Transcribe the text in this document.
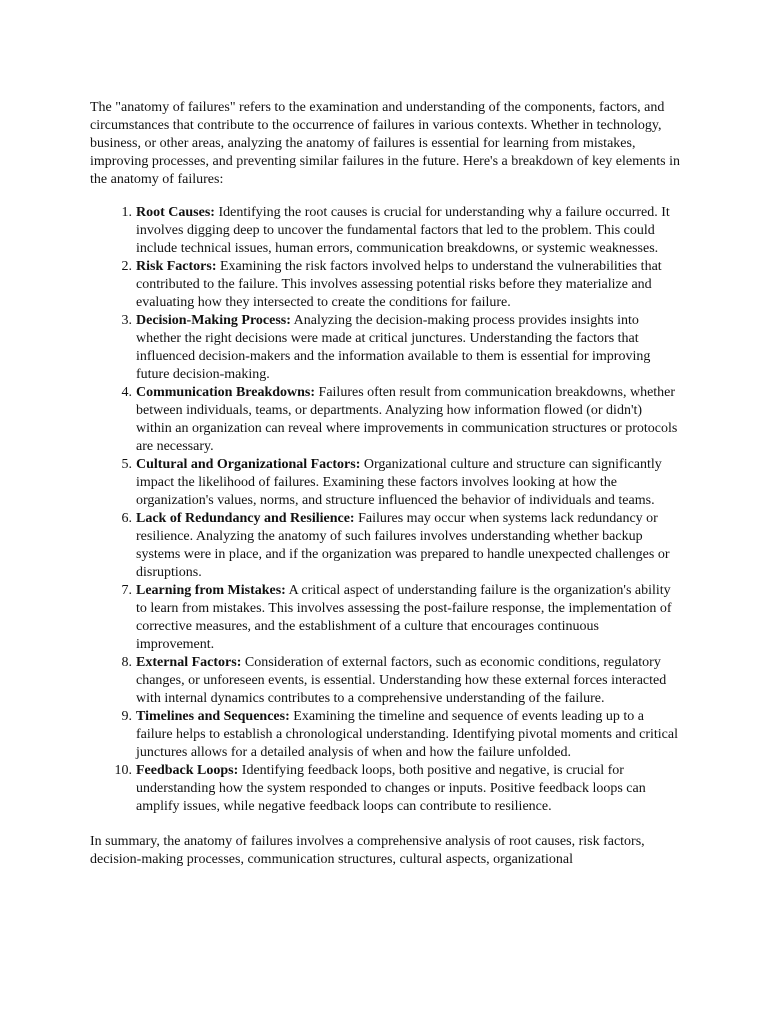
The "anatomy of failures" refers to the examination and understanding of the components, factors, and circumstances that contribute to the occurrence of failures in various contexts. Whether in technology, business, or other areas, analyzing the anatomy of failures is essential for learning from mistakes, improving processes, and preventing similar failures in the future. Here's a breakdown of key elements in the anatomy of failures:

1. Root Causes: Identifying the root causes is crucial for understanding why a failure occurred. It involves digging deep to uncover the fundamental factors that led to the problem. This could include technical issues, human errors, communication breakdowns, or systemic weaknesses.
2. Risk Factors: Examining the risk factors involved helps to understand the vulnerabilities that contributed to the failure. This involves assessing potential risks before they materialize and evaluating how they intersected to create the conditions for failure.
3. Decision-Making Process: Analyzing the decision-making process provides insights into whether the right decisions were made at critical junctures. Understanding the factors that influenced decision-makers and the information available to them is essential for improving future decision-making.
4. Communication Breakdowns: Failures often result from communication breakdowns, whether between individuals, teams, or departments. Analyzing how information flowed (or didn't) within an organization can reveal where improvements in communication structures or protocols are necessary.
5. Cultural and Organizational Factors: Organizational culture and structure can significantly impact the likelihood of failures. Examining these factors involves looking at how the organization's values, norms, and structure influenced the behavior of individuals and teams.
6. Lack of Redundancy and Resilience: Failures may occur when systems lack redundancy or resilience. Analyzing the anatomy of such failures involves understanding whether backup systems were in place, and if the organization was prepared to handle unexpected challenges or disruptions.
7. Learning from Mistakes: A critical aspect of understanding failure is the organization's ability to learn from mistakes. This involves assessing the post-failure response, the implementation of corrective measures, and the establishment of a culture that encourages continuous improvement.
8. External Factors: Consideration of external factors, such as economic conditions, regulatory changes, or unforeseen events, is essential. Understanding how these external forces interacted with internal dynamics contributes to a comprehensive understanding of the failure.
9. Timelines and Sequences: Examining the timeline and sequence of events leading up to a failure helps to establish a chronological understanding. Identifying pivotal moments and critical junctures allows for a detailed analysis of when and how the failure unfolded.
10. Feedback Loops: Identifying feedback loops, both positive and negative, is crucial for understanding how the system responded to changes or inputs. Positive feedback loops can amplify issues, while negative feedback loops can contribute to resilience.

In summary, the anatomy of failures involves a comprehensive analysis of root causes, risk factors, decision-making processes, communication structures, cultural aspects, organizational
